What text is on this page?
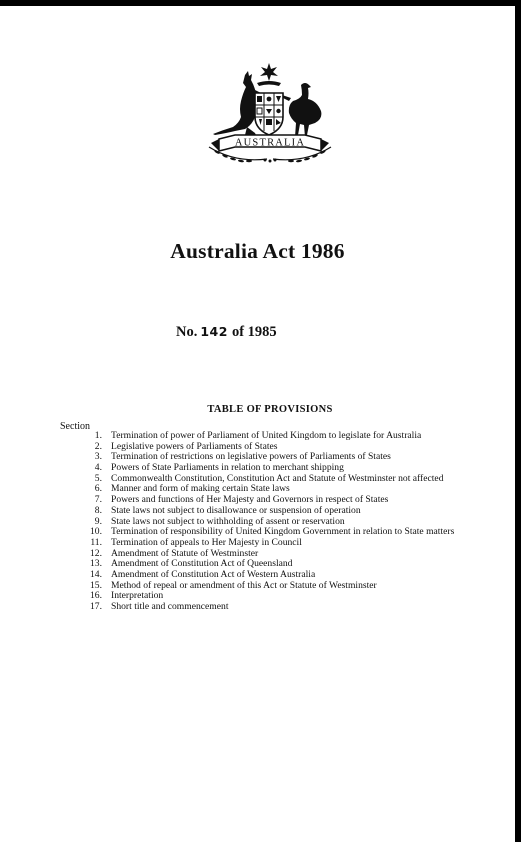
AUSTRALIA
Australia Act 1986
No. 142 of 1985
TABLE OF PROVISIONS
Section
1. Termination of power of Parliament of United Kingdom to legislate for Australia
2. Legislative powers of Parliaments of States
3. Termination of restrictions on legislative powers of Parliaments of States
4. Powers of State Parliaments in relation to merchant shipping
5. Commonwealth Constitution, Constitution Act and Statute of Westminster not affected
6. Manner and form of making certain State laws
7. Powers and functions of Her Majesty and Governors in respect of States
8. State laws not subject to disallowance or suspension of operation
9. State laws not subject to withholding of assent or reservation
10. Termination of responsibility of United Kingdom Government in relation to State matters
11. Termination of appeals to Her Majesty in Council
12. Amendment of Statute of Westminster
13. Amendment of Constitution Act of Queensland
14. Amendment of Constitution Act of Western Australia
15. Method of repeal or amendment of this Act or Statute of Westminster
16. Interpretation
17. Short title and commencement
